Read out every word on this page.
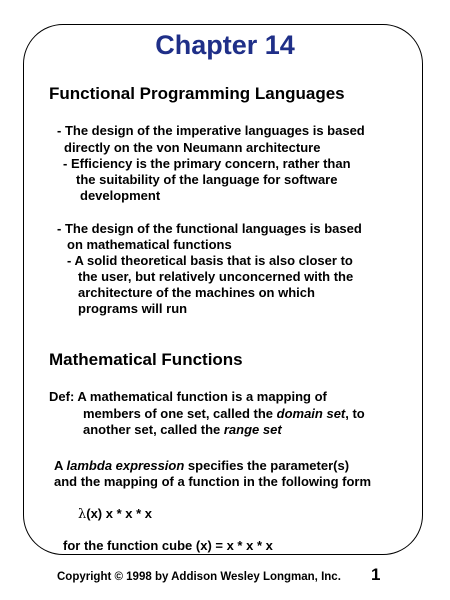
Chapter 14
Functional Programming Languages
- The design of the imperative languages is based
directly on the von Neumann architecture
- Efficiency is the primary concern, rather than
the suitability of the language for software
development
- The design of the functional languages is based
on mathematical functions
- A solid theoretical basis that is also closer to
the user, but relatively unconcerned with the
architecture of the machines on which
programs will run
Mathematical Functions
Def: A mathematical function is a mapping of
members of one set, called the domain set, to
another set, called the range set
A lambda expression specifies the parameter(s)
and the mapping of a function in the following form
λ(x) x * x * x
for the function cube (x) = x * x * x
Copyright © 1998 by Addison Wesley Longman, Inc. 1
